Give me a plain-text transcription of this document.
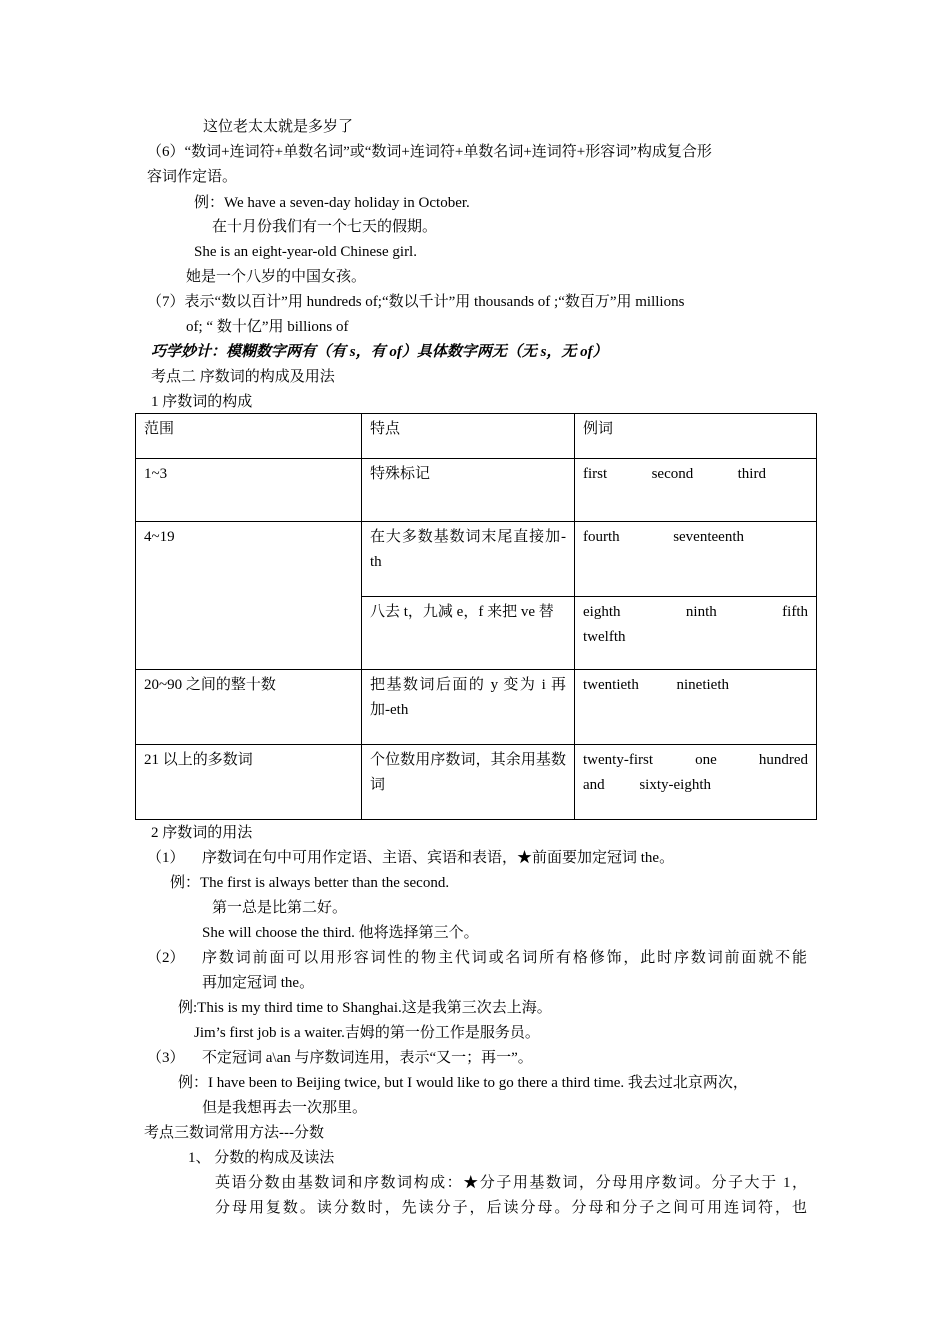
这位老太太就是多岁了
（6）“数词+连词符+单数名词”或“数词+连词符+单数名词+连词符+形容词”构成复合形
容词作定语。
例：We have a seven-day holiday in October.
在十月份我们有一个七天的假期。
She is an eight-year-old Chinese girl.
她是一个八岁的中国女孩。
（7）表示“数以百计”用 hundreds of;“数以千计”用 thousands of ;“数百万”用 millions
of; “ 数十亿”用 billions of
巧学妙计：模糊数字两有（有 s，有 of）具体数字两无（无 s，无 of）
考点二 序数词的构成及用法
1 序数词的构成
范围	特点	例词
1~3	特殊标记	first second third

4~19	在大多数基数词末尾直接加-th	fourth seventeenth

	八去 t，九减 e，f 来把 ve 替	eighth ninth fifth
twelfth

20~90 之间的整十数	把基数词后面的 y 变为 i 再加-eth	twentieth ninetieth

21 以上的多数词	个位数用序数词，其余用基数词	twenty-first one hundred
and sixty-eighth
2 序数词的用法
（1） 序数词在句中可用作定语、主语、宾语和表语，★前面要加定冠词 the。
例：The first is always better than the second.
第一总是比第二好。
She will choose the third. 他将选择第三个。
（2） 序数词前面可以用形容词性的物主代词或名词所有格修饰，此时序数词前面就不能
再加定冠词 the。
例:This is my third time to Shanghai.这是我第三次去上海。
Jim’s first job is a waiter.吉姆的第一份工作是服务员。
（3） 不定冠词 a\an 与序数词连用，表示“又一；再一”。
例：I have been to Beijing twice, but I would like to go there a third time. 我去过北京两次，
但是我想再去一次那里。
考点三数词常用方法---分数
1、 分数的构成及读法
英语分数由基数词和序数词构成：★分子用基数词，分母用序数词。分子大于 1，
分母用复数。读分数时，先读分子，后读分母。分母和分子之间可用连词符，也
